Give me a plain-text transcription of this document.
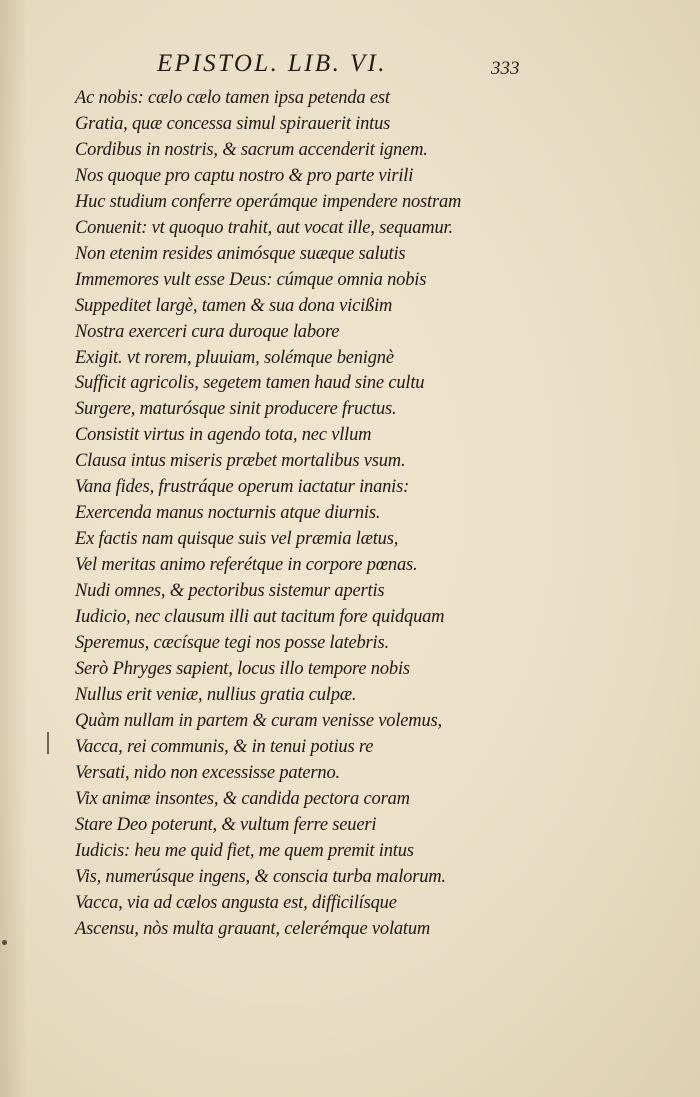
EPISTOL. LIB. VI.	333
Ac nobis: cælo cælo tamen ipsa petenda est
Gratia, quæ concessa simul spirauerit intus
Cordibus in nostris, & sacrum accenderit ignem.
Nos quoque pro captu nostro & pro parte virili
Huc studium conferre operámque impendere nostram
Conuenit: vt quoquo trahit, aut vocat ille, sequamur.
Non etenim resides animósque suæque salutis
Immemores vult esse Deus: cúmque omnia nobis
Suppeditet largè, tamen & sua dona vicißim
Nostra exerceri cura duroque labore
Exigit. vt rorem, pluuiam, solémque benignè
Sufficit agricolis, segetem tamen haud sine cultu
Surgere, maturósque sinit producere fructus.
Consistit virtus in agendo tota, nec vllum
Clausa intus miseris præbet mortalibus vsum.
Vana fides, frustráque operum iactatur inanis:
Exercenda manus nocturnis atque diurnis.
Ex factis nam quisque suis vel præmia lætus,
Vel meritas animo referétque in corpore pœnas.
Nudi omnes, & pectoribus sistemur apertis
Iudicio, nec clausum illi aut tacitum fore quidquam
Speremus, cæcísque tegi nos posse latebris.
Serò Phryges sapient, locus illo tempore nobis
Nullus erit veniæ, nullius gratia culpæ.
Quàm nullam in partem & curam venisse volemus,
Vacca, rei communis, & in tenui potius re
Versati, nido non excessisse paterno.
Vix animæ insontes, & candida pectora coram
Stare Deo poterunt, & vultum ferre seueri
Iudicis: heu me quid fiet, me quem premit intus
Vis, numerúsque ingens, & conscia turba malorum.
Vacca, via ad cælos angusta est, difficilísque
Ascensu, nòs multa grauant, celerémque volatum
